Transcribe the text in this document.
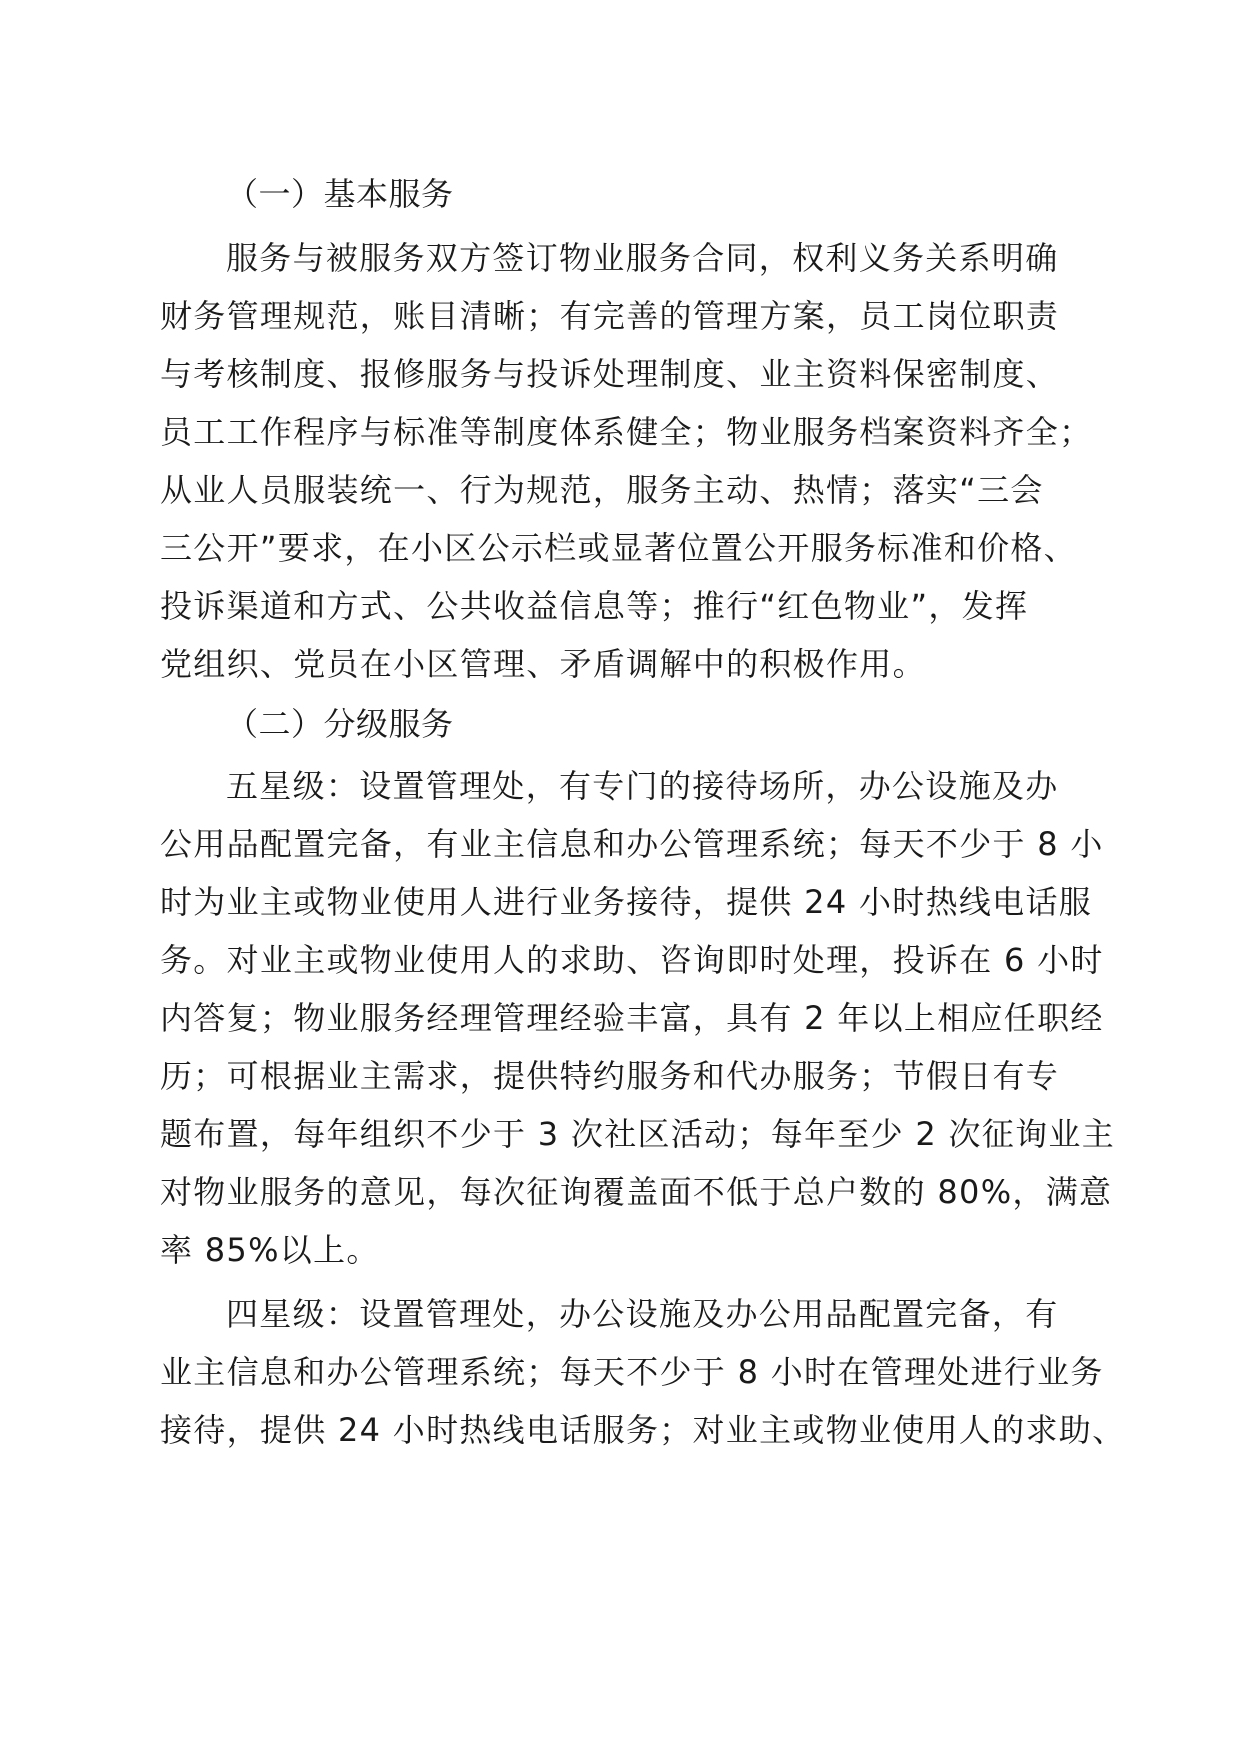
（一）基本服务
服务与被服务双方签订物业服务合同，权利义务关系明确
财务管理规范，账目清晰；有完善的管理方案，员工岗位职责
与考核制度、报修服务与投诉处理制度、业主资料保密制度、
员工工作程序与标准等制度体系健全；物业服务档案资料齐全；
从业人员服装统一、行为规范，服务主动、热情；落实“三会
三公开”要求，在小区公示栏或显著位置公开服务标准和价格、
投诉渠道和方式、公共收益信息等；推行“红色物业”，发挥
党组织、党员在小区管理、矛盾调解中的积极作用。
（二）分级服务
五星级：设置管理处，有专门的接待场所，办公设施及办
公用品配置完备，有业主信息和办公管理系统；每天不少于 8 小
时为业主或物业使用人进行业务接待，提供 24 小时热线电话服
务。对业主或物业使用人的求助、咨询即时处理，投诉在 6 小时
内答复；物业服务经理管理经验丰富，具有 2 年以上相应任职经
历；可根据业主需求，提供特约服务和代办服务；节假日有专
题布置，每年组织不少于 3 次社区活动；每年至少 2 次征询业主
对物业服务的意见，每次征询覆盖面不低于总户数的 80%，满意
率 85%以上。
四星级：设置管理处，办公设施及办公用品配置完备，有
业主信息和办公管理系统；每天不少于 8 小时在管理处进行业务
接待，提供 24 小时热线电话服务；对业主或物业使用人的求助、
